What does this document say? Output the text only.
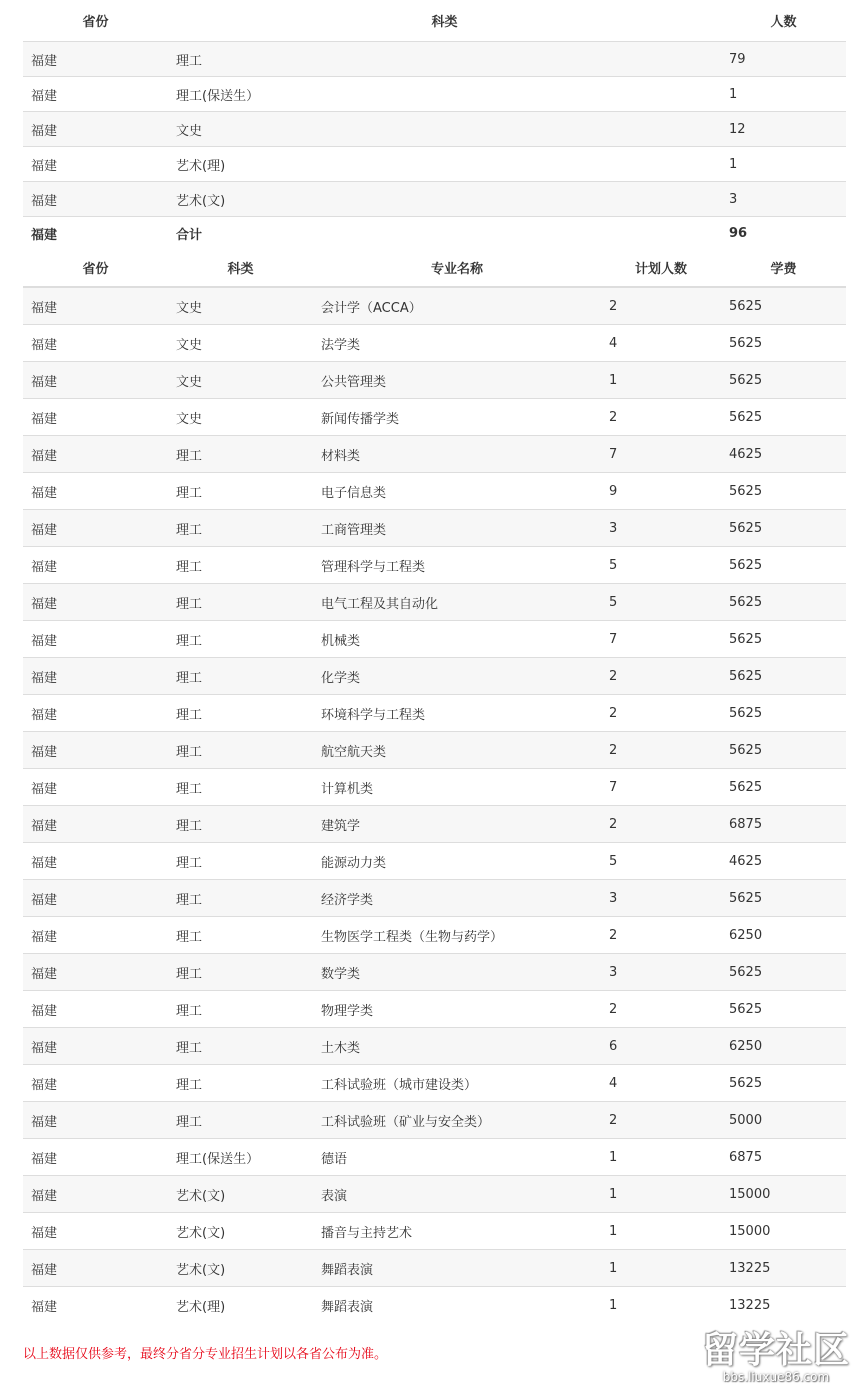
省份	科类	人数
福建	理工	79
福建	理工(保送生）	1
福建	文史	12
福建	艺术(理)	1
福建	艺术(文)	3
福建	合计	96
省份	科类	专业名称	计划人数	学费
福建	文史	会计学（ACCA）	2	5625
福建	文史	法学类	4	5625
福建	文史	公共管理类	1	5625
福建	文史	新闻传播学类	2	5625
福建	理工	材料类	7	4625
福建	理工	电子信息类	9	5625
福建	理工	工商管理类	3	5625
福建	理工	管理科学与工程类	5	5625
福建	理工	电气工程及其自动化	5	5625
福建	理工	机械类	7	5625
福建	理工	化学类	2	5625
福建	理工	环境科学与工程类	2	5625
福建	理工	航空航天类	2	5625
福建	理工	计算机类	7	5625
福建	理工	建筑学	2	6875
福建	理工	能源动力类	5	4625
福建	理工	经济学类	3	5625
福建	理工	生物医学工程类（生物与药学）	2	6250
福建	理工	数学类	3	5625
福建	理工	物理学类	2	5625
福建	理工	土木类	6	6250
福建	理工	工科试验班（城市建设类）	4	5625
福建	理工	工科试验班（矿业与安全类）	2	5000
福建	理工(保送生）	德语	1	6875
福建	艺术(文)	表演	1	15000
福建	艺术(文)	播音与主持艺术	1	15000
福建	艺术(文)	舞蹈表演	1	13225
福建	艺术(理)	舞蹈表演	1	13225
以上数据仅供参考，最终分省分专业招生计划以各省公布为准。	留学社区
bbs.liuxue86.com
